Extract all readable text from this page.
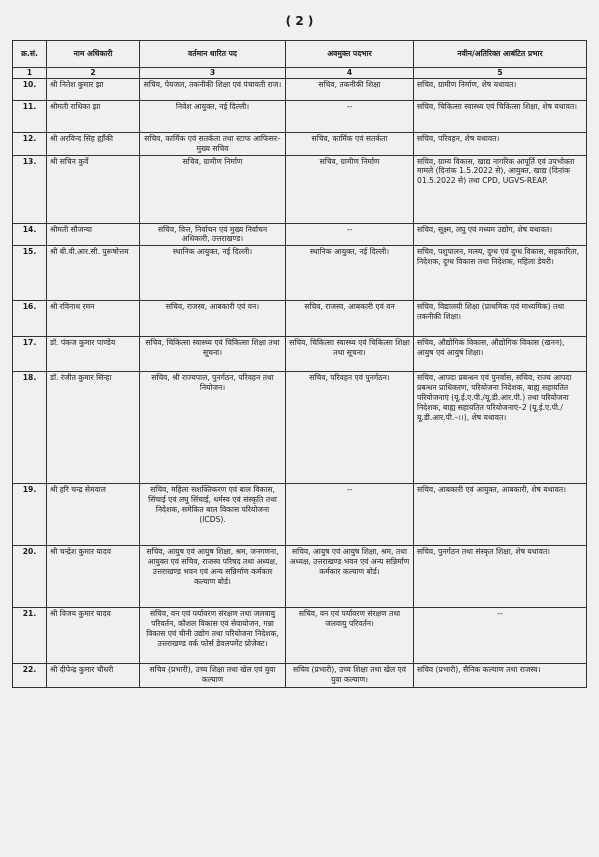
( 2 )
क्र.सं.	नाम अधिकारी	वर्तमान धारित पद	अवमुक्त पदभार	नवीन/अतिरिक्त आबंटित प्रभार
1	2	3	4	5
10.	श्री नितेश कुमार झा	सचिव, पेयजल, तकनीकी शिक्षा एवं पंचायती राज।	सचिव, तकनीकी शिक्षा	सचिव, ग्रामीण निर्माण, शेष यथावत।
11.	श्रीमती राधिका झा	निवेश आयुक्त, नई दिल्ली।	--	सचिव, चिकित्सा स्वास्थ्य एवं चिकित्सा शिक्षा, शेष यथावत।
12.	श्री अरविन्द सिंह ह्याँकी	सचिव, कार्मिक एवं सतर्कता तथा स्टाफ आफिसर–मुख्य सचिव	सचिव, कार्मिक एवं सतर्कता	सचिव, परिवहन, शेष यथावत।
13.	श्री सचिन कुर्वे	सचिव, ग्रामीण निर्माण	सचिव, ग्रामीण निर्माण	सचिव, ग्राम्य विकास, खाद्य नागरिक आपूर्ति एवं उपभोक्ता मामले (दिनांक 1.5.2022 से), आयुक्त, खाद्य (दिनांक 01.5.2022 से) तथा CPD, UGVS-REAP.
14.	श्रीमती सौजन्या	सचिव, वित्त, निर्वाचन एवं मुख्य निर्वाचन अधिकारी, उत्तराखण्ड।	--	सचिव, सूक्ष्म, लघु एवं मध्यम उद्योग, शेष यथावत।
15.	श्री बी.वी.आर.सी. पुरूषोत्तम	स्थानिक आयुक्त, नई दिल्ली।	स्थानिक आयुक्त, नई दिल्ली।	सचिव, पशुपालन, मत्स्य, दुग्ध एवं दुग्ध विकास, सहकारिता, निदेशक, दुग्ध विकास तथा निदेशक, महिला डेयरी।
16.	श्री रविनाथ रमन	सचिव, राजस्व, आबकारी एवं वन।	सचिव, राजस्व, आबकारी एवं वन	सचिव, विद्यालयी शिक्षा (प्राथमिक एवं माध्यमिक) तथा तकनीकी शिक्षा।
17.	डॉ. पंकज कुमार पाण्डेय	सचिव, चिकित्सा स्वास्थ्य एवं चिकित्सा शिक्षा तथा सूचना।	सचिव, चिकित्सा स्वास्थ्य एवं चिकित्सा शिक्षा तथा सूचना।	सचिव, औद्योगिक विकास, औद्योगिक विकास (खनन), आयुष एवं आयुष शिक्षा।
18.	डॉ. रंजीत कुमार सिन्हा	सचिव, श्री राज्यपाल, पुनर्गठन, परिवहन तथा नियोजन।	सचिव, परिवहन एवं पुनर्गठन।	सचिव, आपदा प्रबन्धन एवं पुनर्वास, सचिव, राज्य आपदा प्रबन्धन प्राधिकरण, परियोजना निदेशक, बाह्य सहायतित परियोजनाएं (यू.ई.ए.पी./यू.डी.आर.पी.) तथा परियोजना निदेशक, बाह्य सहायतित परियोजनाएं–2 (यू.ई.ए.पी./यू.डी.आर.पी.–।।), शेष यथावत।
19.	श्री हरि चन्द्र सेमवाल	सचिव, महिला सशक्तिकरण एवं बाल विकास, सिंचाई एवं लघु सिंचाई, धर्मस्व एवं संस्कृति तथा निदेशक, समेकित बाल विकास परियोजना (ICDS).	--	सचिव, आबकारी एवं आयुक्त, आबकारी, शेष यथावत।
20.	श्री चन्द्रेश कुमार यादव	सचिव, आयुष एवं आयुष शिक्षा, श्रम, जनगणना, आयुक्त एवं सचिव, राजस्व परिषद तथा अध्यक्ष, उत्तराखण्ड भवन एवं अन्य सन्निर्माण कर्मकार कल्याण बोर्ड।	सचिव, आयुष एवं आयुष शिक्षा, श्रम, तथा अध्यक्ष, उत्तराखण्ड भवन एवं अन्य सन्निर्माण कर्मकार कल्याण बोर्ड।	सचिव, पुनर्गठन तथा संस्कृत शिक्षा, शेष यथावत।
21.	श्री विजय कुमार यादव	सचिव, वन एवं पर्यावरण संरक्षण तथा जलवायु परिवर्तन, कौशल विकास एवं सेवायोजन, गन्ना विकास एवं चीनी उद्योग तथा परियोजना निदेशक, उत्तराखण्ड वर्क फोर्स डेवलपमेंट प्रोजेक्ट।	सचिव, वन एवं पर्यावरण संरक्षण तथा जलवायु परिवर्तन।	--
22.	श्री दीपेन्द्र कुमार चौधरी	सचिव (प्रभारी), उच्च शिक्षा तथा खेल एवं युवा कल्याण	सचिव (प्रभारी), उच्च शिक्षा तथा खेल एवं युवा कल्याण।	सचिव (प्रभारी), सैनिक कल्याण तथा राजस्व।
